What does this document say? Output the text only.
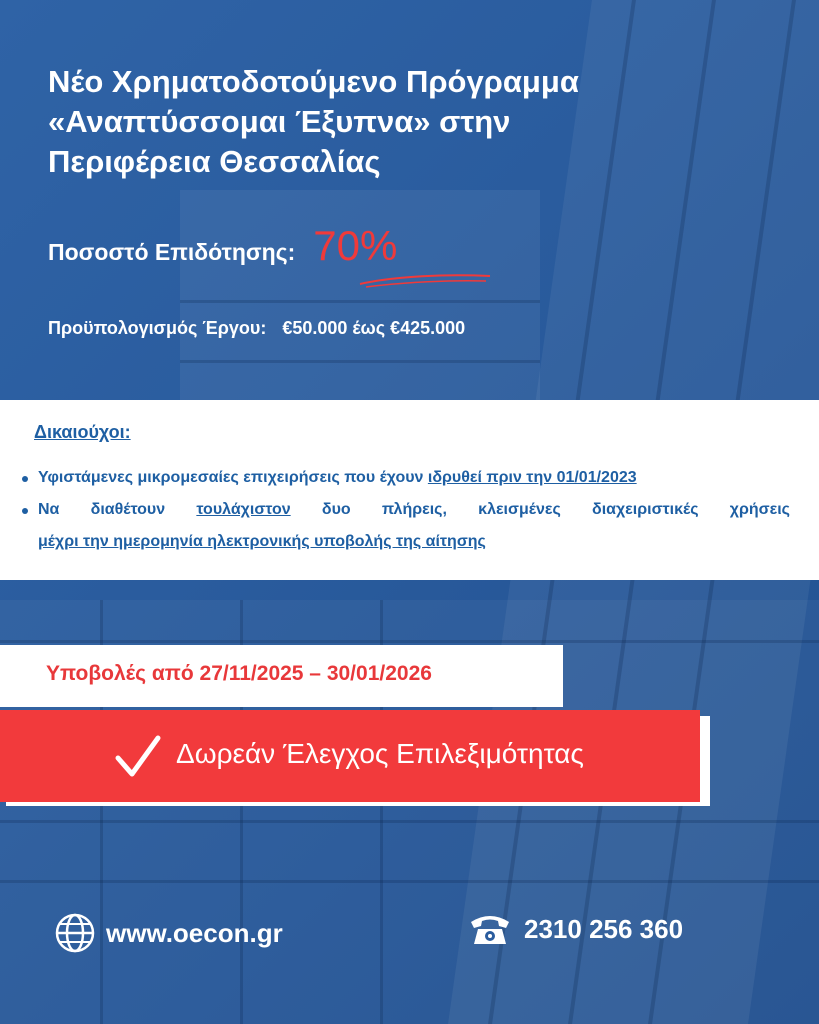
Νέο Χρηματοδοτούμενο Πρόγραμμα
«Αναπτύσσομαι Έξυπνα» στην
Περιφέρεια Θεσσαλίας
Ποσοστό Επιδότησης: 70%
Προϋπολογισμός Έργου: €50.000 έως €425.000
Δικαιούχοι:
Υφιστάμενες μικρομεσαίες επιχειρήσεις που έχουν ιδρυθεί πριν την 01/01/2023
Να διαθέτουν τουλάχιστον δυο πλήρεις, κλεισμένες διαχειριστικές χρήσεις
μέχρι την ημερομηνία ηλεκτρονικής υποβολής της αίτησης
Υποβολές από 27/11/2025 – 30/01/2026
Δωρεάν Έλεγχος Επιλεξιμότητας
www.oecon.gr	2310 256 360
